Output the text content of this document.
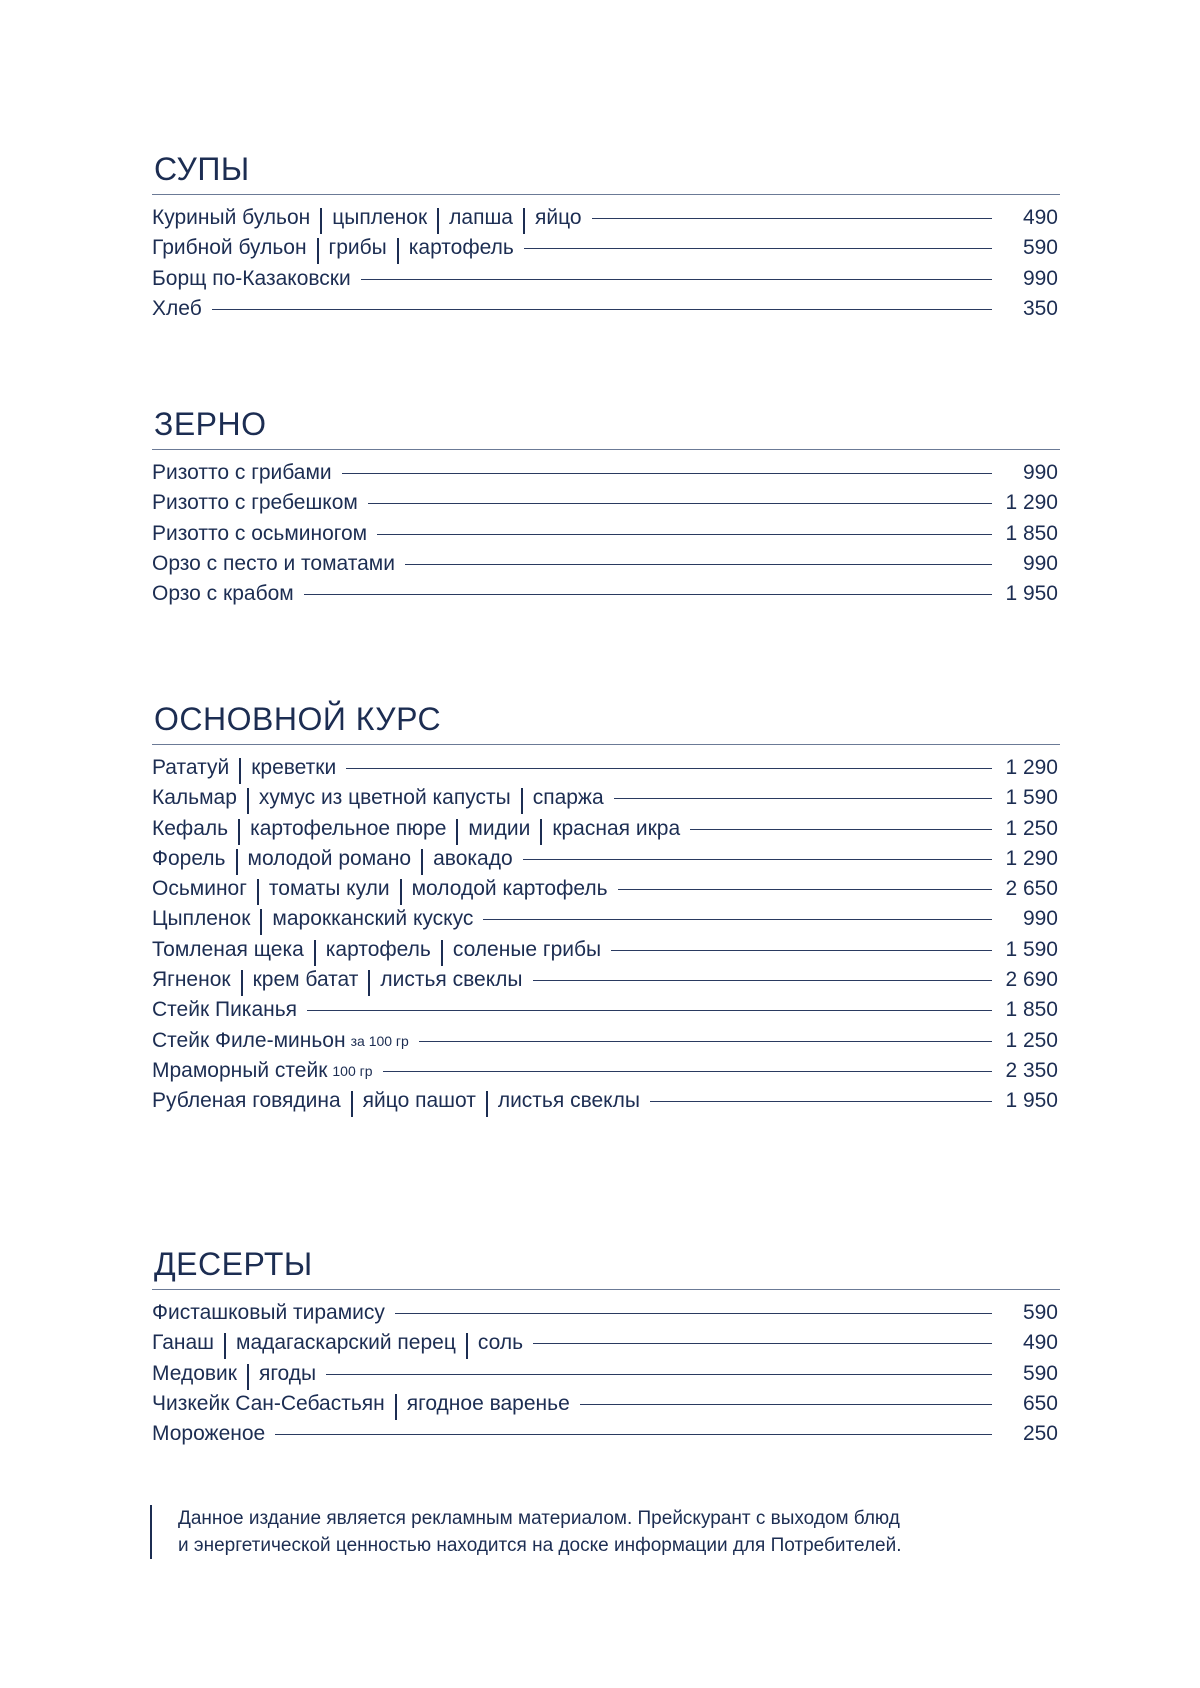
СУПЫ
Куриный бульон цыпленок лапша яйцо	490
Грибной бульон грибы картофель	590
Борщ по-Казаковски	990
Хлеб	350
ЗЕРНО
Ризотто с грибами	990
Ризотто с гребешком	1 290
Ризотто с осьминогом	1 850
Орзо с песто и томатами	990
Орзо с крабом	1 950
ОСНОВНОЙ КУРС
Рататуй креветки	1 290
Кальмар хумус из цветной капусты спаржа	1 590
Кефаль картофельное пюре мидии красная икра	1 250
Форель молодой романо авокадо	1 290
Осьминог томаты кули молодой картофель	2 650
Цыпленок марокканский кускус	990
Томленая щека картофель соленые грибы	1 590
Ягненок крем батат листья свеклы	2 690
Стейк Пиканья	1 850
Стейк Филе-миньон за 100 гр	1 250
Мраморный стейк 100 гр	2 350
Рубленая говядина яйцо пашот листья свеклы	1 950
ДЕСЕРТЫ
Фисташковый тирамису	590
Ганаш мадагаскарский перец соль	490
Медовик ягоды	590
Чизкейк Сан-Себастьян ягодное варенье	650
Мороженое	250
Данное издание является рекламным материалом. Прейскурант с выходом блюд
и энергетической ценностью находится на доске информации для Потребителей.
